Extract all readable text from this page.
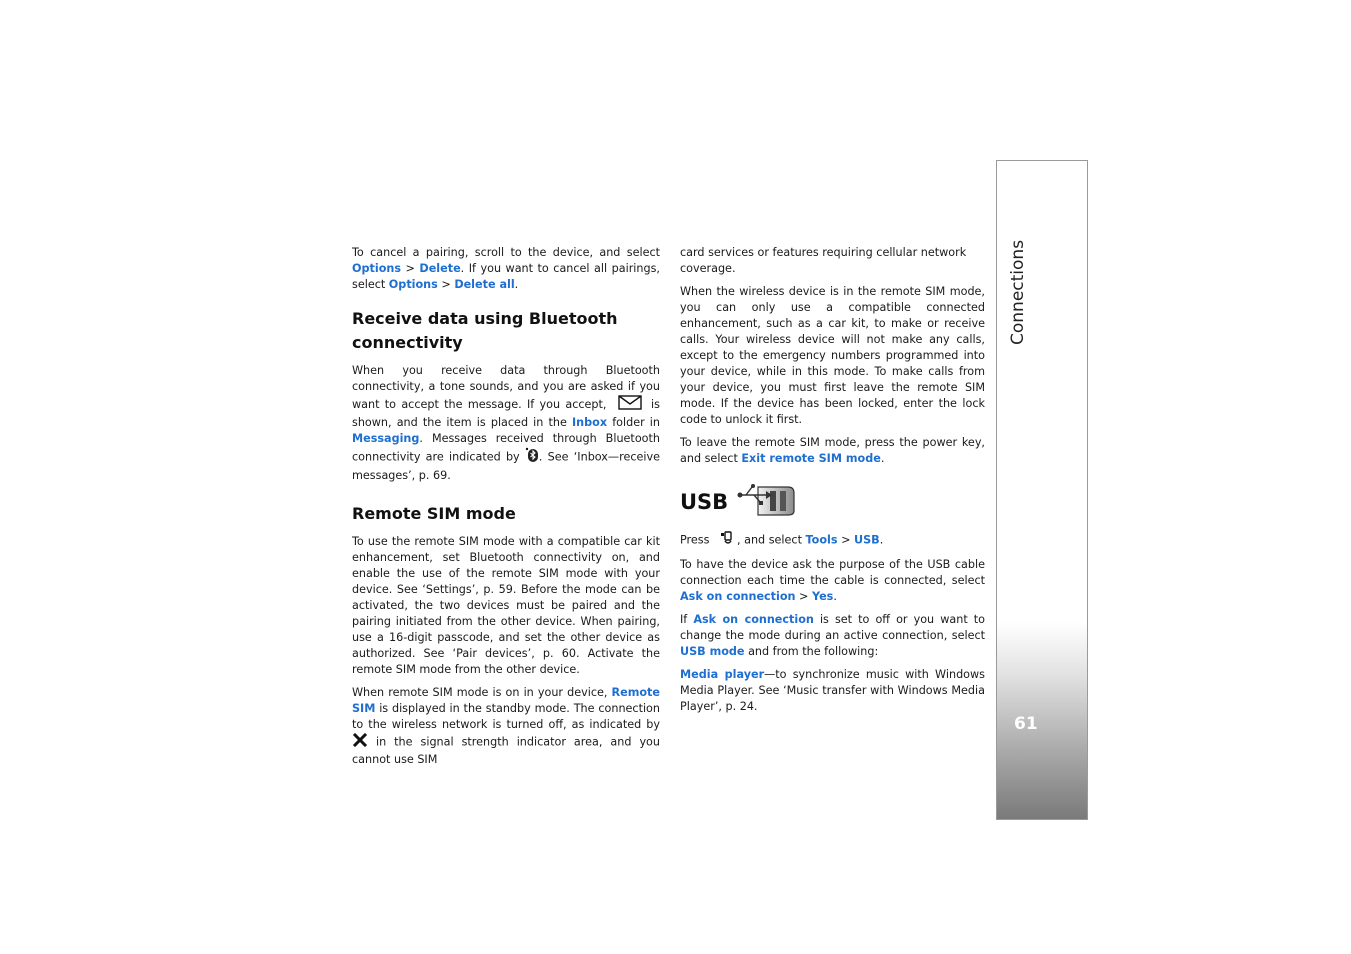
To cancel a pairing, scroll to the device, and select Options > Delete. If you want to cancel all pairings, select Options > Delete all.

Receive data using Bluetooth connectivity

When you receive data through Bluetooth connectivity, a tone sounds, and you are asked if you want to accept the message. If you accept,	is shown, and the item is placed in the Inbox folder in Messaging. Messages received through Bluetooth connectivity are indicated by . See ‘Inbox—receive messages’, p. 69.

Remote SIM mode

To use the remote SIM mode with a compatible car kit enhancement, set Bluetooth connectivity on, and enable the use of the remote SIM mode with your device. See ‘Settings’, p. 59. Before the mode can be activated, the two devices must be paired and the pairing initiated from the other device. When pairing, use a 16-digit passcode, and set the other device as authorized. See ‘Pair devices’, p. 60. Activate the remote SIM mode from the other device.

When remote SIM mode is on in your device, Remote SIM is displayed in the standby mode. The connection to the wireless network is turned off, as indicated by  in the signal strength indicator area, and you cannot use SIM

card services or features requiring cellular network coverage.

When the wireless device is in the remote SIM mode, you can only use a compatible connected enhancement, such as a car kit, to make or receive calls. Your wireless device will not make any calls, except to the emergency numbers programmed into your device, while in this mode. To make calls from your device, you must first leave the remote SIM mode. If the device has been locked, enter the lock code to unlock it first.

To leave the remote SIM mode, press the power key, and select Exit remote SIM mode.

USB

Press , and select Tools > USB.

To have the device ask the purpose of the USB cable connection each time the cable is connected, select Ask on connection > Yes.

If Ask on connection is set to off or you want to change the mode during an active connection, select USB mode and from the following:

Media player—to synchronize music with Windows Media Player. See ‘Music transfer with Windows Media Player’, p. 24.

Connections
61
